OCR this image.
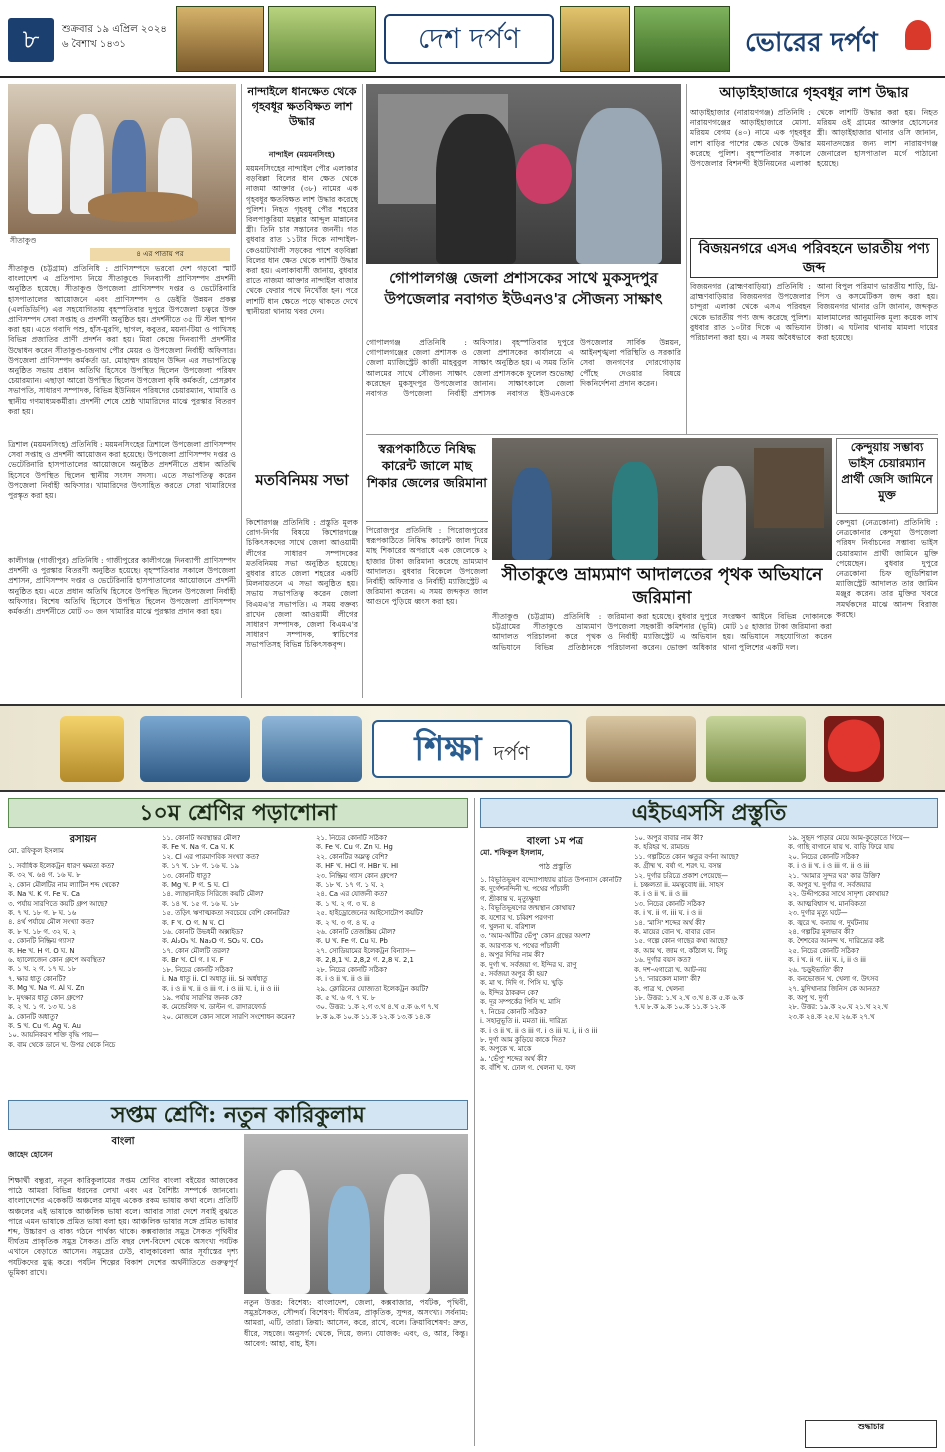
৮	শুক্রবার ১৯ এপ্রিল ২০২৪
৬ বৈশাখ ১৪৩১	দেশ দর্পণ	ভোরের দর্পণ
সীতাকুণ্ড
৪ এর পাতায় পর
সীতাকুণ্ড (চট্টগ্রাম) প্রতিনিধি : প্রাণিসম্পদে ভরবো দেশ গড়বো স্মার্ট বাংলাদেশ এ প্রতিপাদ্য নিয়ে সীতাকুণ্ডে দিনব্যাপী প্রাণিসম্পদ প্রদর্শনী অনুষ্ঠিত হয়েছে। সীতাকুণ্ড উপজেলা প্রাণিসম্পদ দপ্তর ও ভেটেরিনারি হাসপাতালের আয়োজনে এবং প্রাণিসম্পদ ও ডেইরি উন্নয়ন প্রকল্প (এলডিডিপি) এর সহযোগিতায় বৃহস্পতিবার দুপুরে উপজেলা চত্বরে উক্ত প্রাণিসম্পদ সেবা সপ্তাহ ও প্রদর্শনী অনুষ্ঠিত হয়। প্রদর্শনীতে ৩৫ টি স্টল স্থাপন করা হয়। এতে গবাদি পশু, হাঁস-মুরগি, ছাগল, কবুতর, ময়না-টিয়া ও পাখিসহ বিভিন্ন প্রজাতির প্রাণী প্রদর্শন করা হয়। মিরা কেন্দ্রে দিনব্যাপী প্রদর্শনীর উদ্বোধন করেন সীতাকুণ্ড-চন্দ্রনাথ পৌর মেয়র ও উপজেলা নির্বাহী অফিসার। উপজেলা প্রাণিসম্পদ কর্মকর্তা ডা. মোহাম্মদ রায়হান উদ্দিন এর সভাপতিত্বে অনুষ্ঠিত সভায় প্রধান অতিথি হিসেবে উপস্থিত ছিলেন উপজেলা পরিষদ চেয়ারম্যান। এছাড়া আরো উপস্থিত ছিলেন উপজেলা কৃষি কর্মকর্তা, প্রেসক্লাব সভাপতি, সাধারণ সম্পাদক, বিভিন্ন ইউনিয়ন পরিষদের চেয়ারম্যান, খামারি ও স্থানীয় গণমাধ্যমকর্মীরা। প্রদর্শনী শেষে শ্রেষ্ঠ খামারিদের মাঝে পুরস্কার বিতরণ করা হয়।
ত্রিশাল (ময়মনসিংহ) প্রতিনিধি : ময়মনসিংহের ত্রিশালে উপজেলা প্রাণিসম্পদ সেবা সপ্তাহ ও প্রদর্শনী আয়োজন করা হয়েছে। উপজেলা প্রাণিসম্পদ দপ্তর ও ভেটেরিনারি হাসপাতালের আয়োজনে অনুষ্ঠিত প্রদর্শনীতে প্রধান অতিথি হিসেবে উপস্থিত ছিলেন স্থানীয় সংসদ সদস্য। এতে সভাপতিত্ব করেন উপজেলা নির্বাহী অফিসার। খামারিদের উৎসাহিত করতে সেরা খামারিদের পুরস্কৃত করা হয়।
কালীগঞ্জ (গাজীপুর) প্রতিনিধি : গাজীপুরের কালীগঞ্জে দিনব্যাপী প্রাণিসম্পদ প্রদর্শনী ও পুরস্কার বিতরণী অনুষ্ঠিত হয়েছে। বৃহস্পতিবার সকালে উপজেলা প্রশাসন, প্রাণিসম্পদ দপ্তর ও ভেটেরিনারি হাসপাতালের আয়োজনে প্রদর্শনী অনুষ্ঠিত হয়। এতে প্রধান অতিথি হিসেবে উপস্থিত ছিলেন উপজেলা নির্বাহী অফিসার। বিশেষ অতিথি হিসেবে উপস্থিত ছিলেন উপজেলা প্রাণিসম্পদ কর্মকর্তা। প্রদর্শনীতে মোট ৩০ জন খামারির মাঝে পুরস্কার প্রদান করা হয়।
নান্দাইলে ধানক্ষেত থেকে গৃহবধূর ক্ষতবিক্ষত লাশ উদ্ধার
নান্দাইল (ময়মনসিংহ)
ময়মনসিংহের নান্দাইল পৌর এলাকার বড়বিল্লা বিলের ধান ক্ষেত থেকে নাজমা আক্তার (৩৮) নামের এক গৃহবধূর ক্ষতবিক্ষত লাশ উদ্ধার করেছে পুলিশ। নিহত গৃহবধূ পৌর শহরের বিলপাকুরিয়া মহল্লার আব্দুল মান্নানের স্ত্রী। তিনি চার সন্তানের জননী। গত বুধবার রাত ১১টার দিকে নান্দাইল-কেওয়াটখালী সড়কের পাশে বড়বিল্লা বিলের ধান ক্ষেত থেকে লাশটি উদ্ধার করা হয়। এলাকাবাসী জানায়, বুধবার রাতে নাজমা আক্তার নান্দাইল বাজার থেকে ফেরার পথে নিখোঁজ হন। পরে লাশটি ধান ক্ষেতে পড়ে থাকতে দেখে স্থানীয়রা থানায় খবর দেন।
মতবিনিময় সভা
কিশোরগঞ্জ প্রতিনিধি : প্রস্তুতি মূলক রোগ-নির্ণয় বিষয়ে কিশোরগঞ্জে চিকিৎসকদের সাথে জেলা আওয়ামী লীগের সাধারণ সম্পাদকের মতবিনিময় সভা অনুষ্ঠিত হয়েছে। বুধবার রাতে জেলা শহরের একটি মিলনায়তনে এ সভা অনুষ্ঠিত হয়। সভায় সভাপতিত্ব করেন জেলা বিএমএ'র সভাপতি। এ সময় বক্তব্য রাখেন জেলা আওয়ামী লীগের সাধারণ সম্পাদক, জেলা বিএমএ'র সাধারণ সম্পাদক, স্বাচিপের সভাপতিসহ বিভিন্ন চিকিৎসকবৃন্দ।
গোপালগঞ্জ জেলা প্রশাসকের সাথে মুকসুদপুর উপজেলার নবাগত ইউএনও'র সৌজন্য সাক্ষাৎ
গোপালগঞ্জ প্রতিনিধি : গোপালগঞ্জের জেলা প্রশাসক ও জেলা ম্যাজিস্ট্রেট কাজী মাহবুবুল আলমের সাথে সৌজন্য সাক্ষাৎ করেছেন মুকসুদপুর উপজেলার নবাগত উপজেলা নির্বাহী অফিসার। বৃহস্পতিবার দুপুরে জেলা প্রশাসকের কার্যালয়ে এ সাক্ষাৎ অনুষ্ঠিত হয়। এ সময় তিনি জেলা প্রশাসককে ফুলেল শুভেচ্ছা জানান। সাক্ষাৎকালে জেলা প্রশাসক নবাগত ইউএনওকে উপজেলার সার্বিক উন্নয়ন, আইনশৃঙ্খলা পরিস্থিতি ও সরকারি সেবা জনগণের দোরগোড়ায় পৌঁছে দেওয়ার বিষয়ে দিকনির্দেশনা প্রদান করেন।
আড়াইহাজারে গৃহবধূর লাশ উদ্ধার
আড়াইহাজার (নারায়ণগঞ্জ) প্রতিনিধি : নারায়ণগঞ্জের আড়াইহাজারে মোসা. মরিয়ম বেগম (৪০) নামে এক গৃহবধূর লাশ বাড়ির পাশের ক্ষেত থেকে উদ্ধার করেছে পুলিশ। বৃহস্পতিবার সকালে উপজেলার বিশনন্দী ইউনিয়নের এলাকা থেকে লাশটি উদ্ধার করা হয়। নিহত মরিয়ম ওই গ্রামের আক্তার হোসেনের স্ত্রী। আড়াইহাজার থানার ওসি জানান, ময়নাতদন্তের জন্য লাশ নারায়ণগঞ্জ জেনারেল হাসপাতাল মর্গে পাঠানো হয়েছে।
বিজয়নগরে এসএ পরিবহনে ভারতীয় পণ্য জব্দ
বিজয়নগর (ব্রাহ্মণবাড়িয়া) প্রতিনিধি : ব্রাহ্মণবাড়িয়ার বিজয়নগর উপজেলার চান্দুরা এলাকা থেকে এসএ পরিবহন থেকে ভারতীয় পণ্য জব্দ করেছে পুলিশ। বুধবার রাত ১০টার দিকে এ অভিযান পরিচালনা করা হয়। এ সময় অবৈধভাবে আনা বিপুল পরিমাণ ভারতীয় শাড়ি, থ্রি-পিস ও কসমেটিকস জব্দ করা হয়। বিজয়নগর থানার ওসি জানান, জব্দকৃত মালামালের আনুমানিক মূল্য কয়েক লাখ টাকা। এ ঘটনায় থানায় মামলা দায়ের করা হয়েছে।
স্বরূপকাঠিতে নিষিদ্ধ কারেন্ট জালে মাছ শিকার জেলের জরিমানা
পিরোজপুর প্রতিনিধি : পিরোজপুরের স্বরূপকাঠিতে নিষিদ্ধ কারেন্ট জাল দিয়ে মাছ শিকারের অপরাধে এক জেলেকে ২ হাজার টাকা জরিমানা করেছে ভ্রাম্যমাণ আদালত। বুধবার বিকেলে উপজেলা নির্বাহী অফিসার ও নির্বাহী ম্যাজিস্ট্রেট এ জরিমানা করেন। এ সময় জব্দকৃত জাল আগুনে পুড়িয়ে ধ্বংস করা হয়।
কেন্দুয়ায় সম্ভাব্য ভাইস চেয়ারম্যান প্রার্থী জেসি জামিনে মুক্ত
কেন্দুয়া (নেত্রকোনা) প্রতিনিধি : নেত্রকোনার কেন্দুয়া উপজেলা পরিষদ নির্বাচনের সম্ভাব্য ভাইস চেয়ারম্যান প্রার্থী জামিনে মুক্তি পেয়েছেন। বুধবার দুপুরে নেত্রকোনা চিফ জুডিশিয়াল ম্যাজিস্ট্রেট আদালত তার জামিন মঞ্জুর করেন। তার মুক্তির খবরে সমর্থকদের মাঝে আনন্দ বিরাজ করছে।
সীতাকুণ্ডে ভ্রাম্যমাণ আদালতের পৃথক অভিযানে জরিমানা
সীতাকুণ্ড (চট্টগ্রাম) প্রতিনিধি : চট্টগ্রামের সীতাকুণ্ডে ভ্রাম্যমাণ আদালত পরিচালনা করে পৃথক অভিযানে বিভিন্ন প্রতিষ্ঠানকে জরিমানা করা হয়েছে। বুধবার দুপুরে উপজেলা সহকারী কমিশনার (ভূমি) ও নির্বাহী ম্যাজিস্ট্রেট এ অভিযান পরিচালনা করেন। ভোক্তা অধিকার সংরক্ষণ আইনে বিভিন্ন দোকানকে মোট ১৫ হাজার টাকা জরিমানা করা হয়। অভিযানে সহযোগিতা করেন থানা পুলিশের একটি দল।
শিক্ষা দর্পণ
১০ম শ্রেণির পড়াশোনা
রসায়ন
মো. রফিকুল ইসলাম
১. সর্বাধিক ইলেকট্রন ধারণ ক্ষমতা কত?
ক. ৩২ খ. ৬৪ গ. ১৬ ঘ. ৮
২. কোন মৌলটির নাম ল্যাটিন শব্দ থেকে?
ক. Na খ. K গ. Fe ঘ. Ca
৩. পর্যায় সারণিতে কয়টি গ্রুপ আছে?
ক. ৭ খ. ১৮ গ. ৮ ঘ. ১৬
৪. ৪র্থ পর্যায়ে মৌল সংখ্যা কত?
ক. ৮ খ. ১৮ গ. ৩২ ঘ. ২
৫. কোনটি নিষ্ক্রিয় গ্যাস?
ক. He খ. H গ. O ঘ. N
৬. হ্যালোজেন কোন গ্রুপে অবস্থিত?
ক. ১ খ. ২ গ. ১৭ ঘ. ১৮
৭. ক্ষার ধাতু কোনটি?
ক. Mg খ. Na গ. Al ঘ. Zn
৮. মৃৎক্ষার ধাতু কোন গ্রুপে?
ক. ২ খ. ১ গ. ১৩ ঘ. ১৪
৯. কোনটি অধাতু?
ক. S খ. Cu গ. Ag ঘ. Au
১০. আয়নিকরণ শক্তি বৃদ্ধি পায়—
ক. বাম থেকে ডানে খ. উপর থেকে নিচে
১১. কোনটি অবস্থান্তর মৌল?
ক. Fe খ. Na গ. Ca ঘ. K
১২. Cl এর পারমাণবিক সংখ্যা কত?
ক. ১৭ খ. ১৮ গ. ১৬ ঘ. ১৯
১৩. কোনটি ধাতু?
ক. Mg খ. P গ. S ঘ. Cl
১৪. ল্যান্থানাইড সিরিজে কয়টি মৌল?
ক. ১৪ খ. ১৫ গ. ১৬ ঘ. ১৮
১৫. তড়িৎ ঋণাত্মকতা সবচেয়ে বেশি কোনটির?
ক. F খ. O গ. N ঘ. Cl
১৬. কোনটি উভধর্মী অক্সাইড?
ক. Al₂O₃ খ. Na₂O গ. SO₂ ঘ. CO₂
১৭. কোন মৌলটি তরল?
ক. Br খ. Cl গ. I ঘ. F
১৮. নিচের কোনটি সঠিক?
i. Na ধাতু ii. Cl অধাতু iii. Si অর্ধধাতু
ক. i ও ii খ. ii ও iii গ. i ও iii ঘ. i, ii ও iii
১৯. পর্যায় সারণির জনক কে?
ক. মেন্ডেলিফ খ. ডাল্টন গ. রাদারফোর্ড
২০. মোজলে কোন সালে সারণি সংশোধন করেন?
২১. নিচের কোনটি সঠিক?
ক. Fe খ. Cu গ. Zn ঘ. Hg
২২. কোনটির অম্লত্ব বেশি?
ক. HF খ. HCl গ. HBr ঘ. HI
২৩. নিষ্ক্রিয় গ্যাস কোন গ্রুপে?
ক. ১৮ খ. ১৭ গ. ১ ঘ. ২
২৪. Ca এর যোজনী কত?
ক. ১ খ. ২ গ. ৩ ঘ. ৪
২৫. হাইড্রোজেনের আইসোটোপ কয়টি?
ক. ২ খ. ৩ গ. ৪ ঘ. ৫
২৬. কোনটি তেজস্ক্রিয় মৌল?
ক. U খ. Fe গ. Cu ঘ. Pb
২৭. সোডিয়ামের ইলেকট্রন বিন্যাস—
ক. 2,8,1 খ. 2,8,2 গ. 2,8 ঘ. 2,1
২৮. নিচের কোনটি সঠিক?
ক. i ও ii খ. ii ও iii
২৯. ক্লোরিনের যোজ্যতা ইলেকট্রন কয়টি?
ক. ৫ খ. ৬ গ. ৭ ঘ. ৮
৩০. উত্তর: ১.ক ২.গ ৩.খ ৪.খ ৫.ক ৬.গ ৭.খ
৮.ক ৯.ক ১০.ক ১১.ক ১২.ক ১৩.ক ১৪.ক
সপ্তম শ্রেণি: নতুন কারিকুলাম
বাংলা
জাহেদ হোসেন
শিক্ষার্থী বন্ধুরা, নতুন কারিকুলামের সপ্তম শ্রেণির বাংলা বইয়ের আজকের পাঠে আমরা বিভিন্ন ধরনের লেখা এবং এর বৈশিষ্ট্য সম্পর্কে জানবো। বাংলাদেশের একেকটি অঞ্চলের মানুষ একেক রকম ভাষায় কথা বলে। প্রতিটি অঞ্চলের এই ভাষাকে আঞ্চলিক ভাষা বলে। আবার সারা দেশে সবাই বুঝতে পারে এমন ভাষাকে প্রমিত ভাষা বলা হয়। আঞ্চলিক ভাষার সঙ্গে প্রমিত ভাষার শব্দ, উচ্চারণ ও বাক্য গঠনে পার্থক্য থাকে। কক্সবাজার সমুদ্র সৈকত পৃথিবীর দীর্ঘতম প্রাকৃতিক সমুদ্র সৈকত। প্রতি বছর দেশ-বিদেশ থেকে অসংখ্য পর্যটক এখানে বেড়াতে আসেন। সমুদ্রের ঢেউ, বালুকাবেলা আর সূর্যাস্তের দৃশ্য পর্যটকদের মুগ্ধ করে। পর্যটন শিল্পের বিকাশ দেশের অর্থনীতিতে গুরুত্বপূর্ণ ভূমিকা রাখে।
নতুন উত্তর: বিশেষ্য: বাংলাদেশ, জেলা, কক্সবাজার, পর্যটক, পৃথিবী, সমুদ্রসৈকত, সৌন্দর্য। বিশেষণ: দীর্ঘতম, প্রাকৃতিক, সুন্দর, অসংখ্য। সর্বনাম: আমরা, এটি, তারা। ক্রিয়া: আসেন, করে, রাখে, বলে। ক্রিয়াবিশেষণ: দ্রুত, ধীরে, সহজে। অনুসর্গ: থেকে, দিয়ে, জন্য। যোজক: এবং, ও, আর, কিন্তু। আবেগ: আহা, বাহ, ইস।
এইচএসসি প্রস্তুতি
বাংলা ১ম পত্র
মো. শফিকুল ইসলাম,
পাঠ প্রস্তুতি
১. বিভূতিভূষণ বন্দ্যোপাধ্যায় রচিত উপন্যাস কোনটি?
ক. দুর্গেশনন্দিনী খ. পথের পাঁচালী
গ. শ্রীকান্ত ঘ. মৃত্যুক্ষুধা
২. বিভূতিভূষণের জন্মস্থান কোথায়?
ক. যশোর খ. চব্বিশ পরগণা
গ. খুলনা ঘ. বরিশাল
৩. 'আম-আঁটির ভেঁপু' কোন গ্রন্থের অংশ?
ক. আরণ্যক খ. পথের পাঁচালী
৪. অপুর দিদির নাম কী?
ক. দুর্গা খ. সর্বজয়া গ. ইন্দির ঘ. রাণু
৫. সর্বজয়া অপুর কী হয়?
ক. মা খ. দিদি গ. পিসি ঘ. খুড়ি
৬. ইন্দির ঠাকরুন কে?
ক. দূর সম্পর্কের পিসি খ. মাসি
৭. নিচের কোনটি সঠিক?
i. সহানুভূতি ii. মমতা iii. দারিদ্র্য
ক. i ও ii খ. ii ও iii গ. i ও iii ঘ. i, ii ও iii
৮. দুর্গা আম কুড়িয়ে কাকে দিত?
ক. অপুকে খ. মাকে
৯. 'ভেঁপু' শব্দের অর্থ কী?
ক. বাঁশি খ. ঢোল গ. খেলনা ঘ. ফল
১০. অপুর বাবার নাম কী?
ক. হরিহর খ. রামচন্দ্র
১১. গল্পটিতে কোন ঋতুর বর্ণনা আছে?
ক. গ্রীষ্ম খ. বর্ষা গ. শরৎ ঘ. বসন্ত
১২. দুর্গার চরিত্রে প্রকাশ পেয়েছে—
i. চঞ্চলতা ii. মমত্ববোধ iii. সাহস
ক. i ও ii খ. ii ও iii
১৩. নিচের কোনটি সঠিক?
ক. i খ. ii গ. iii ঘ. i ও ii
১৪. 'মাসি' শব্দের অর্থ কী?
ক. মায়ের বোন খ. বাবার বোন
১৫. গল্পে কোন গাছের কথা আছে?
ক. আম খ. জাম গ. কাঁঠাল ঘ. লিচু
১৬. দুর্গার বয়স কত?
ক. দশ-এগারো খ. আট-নয়
১৭. 'নারকেল মালা' কী?
ক. পাত্র খ. খেলনা
১৮. উত্তর: ১.খ ২.খ ৩.খ ৪.ক ৫.ক ৬.ক
৭.ঘ ৮.ক ৯.ক ১০.ক ১১.ক ১২.ক
১৯. সুহৃদ পাড়ার মেয়ে আম-কুড়োতে গিয়ে—
ক. গাছি বাগানে যায় খ. বাড়ি ফিরে যায়
২০. নিচের কোনটি সঠিক?
ক. i ও ii খ. i ও iii গ. ii ও iii
২১. 'আমার সুন্দর ঘর' কার উক্তি?
ক. অপুর খ. দুর্গার গ. সর্বজয়ার
২২. উদ্দীপকের সাথে সাদৃশ্য কোথায়?
ক. আত্মবিশ্বাস খ. মানবিকতা
২৩. দুর্গার মৃত্যু ঘটে—
ক. জ্বরে খ. বন্যায় গ. দুর্ঘটনায়
২৪. গল্পটির মূলভাব কী?
ক. শৈশবের আনন্দ খ. দারিদ্র্যের কষ্ট
২৫. নিচের কোনটি সঠিক?
ক. i খ. ii গ. iii ঘ. i, ii ও iii
২৬. 'চড়ুইভাতি' কী?
ক. বনভোজন খ. খেলা গ. উৎসব
২৭. মুদিখানার জিনিস কে আনত?
ক. অপু খ. দুর্গা
২৮. উত্তর: ১৯.ক ২০.ঘ ২১.খ ২২.খ
২৩.ক ২৪.ক ২৫.ঘ ২৬.ক ২৭.খ
শুদ্ধাচার
